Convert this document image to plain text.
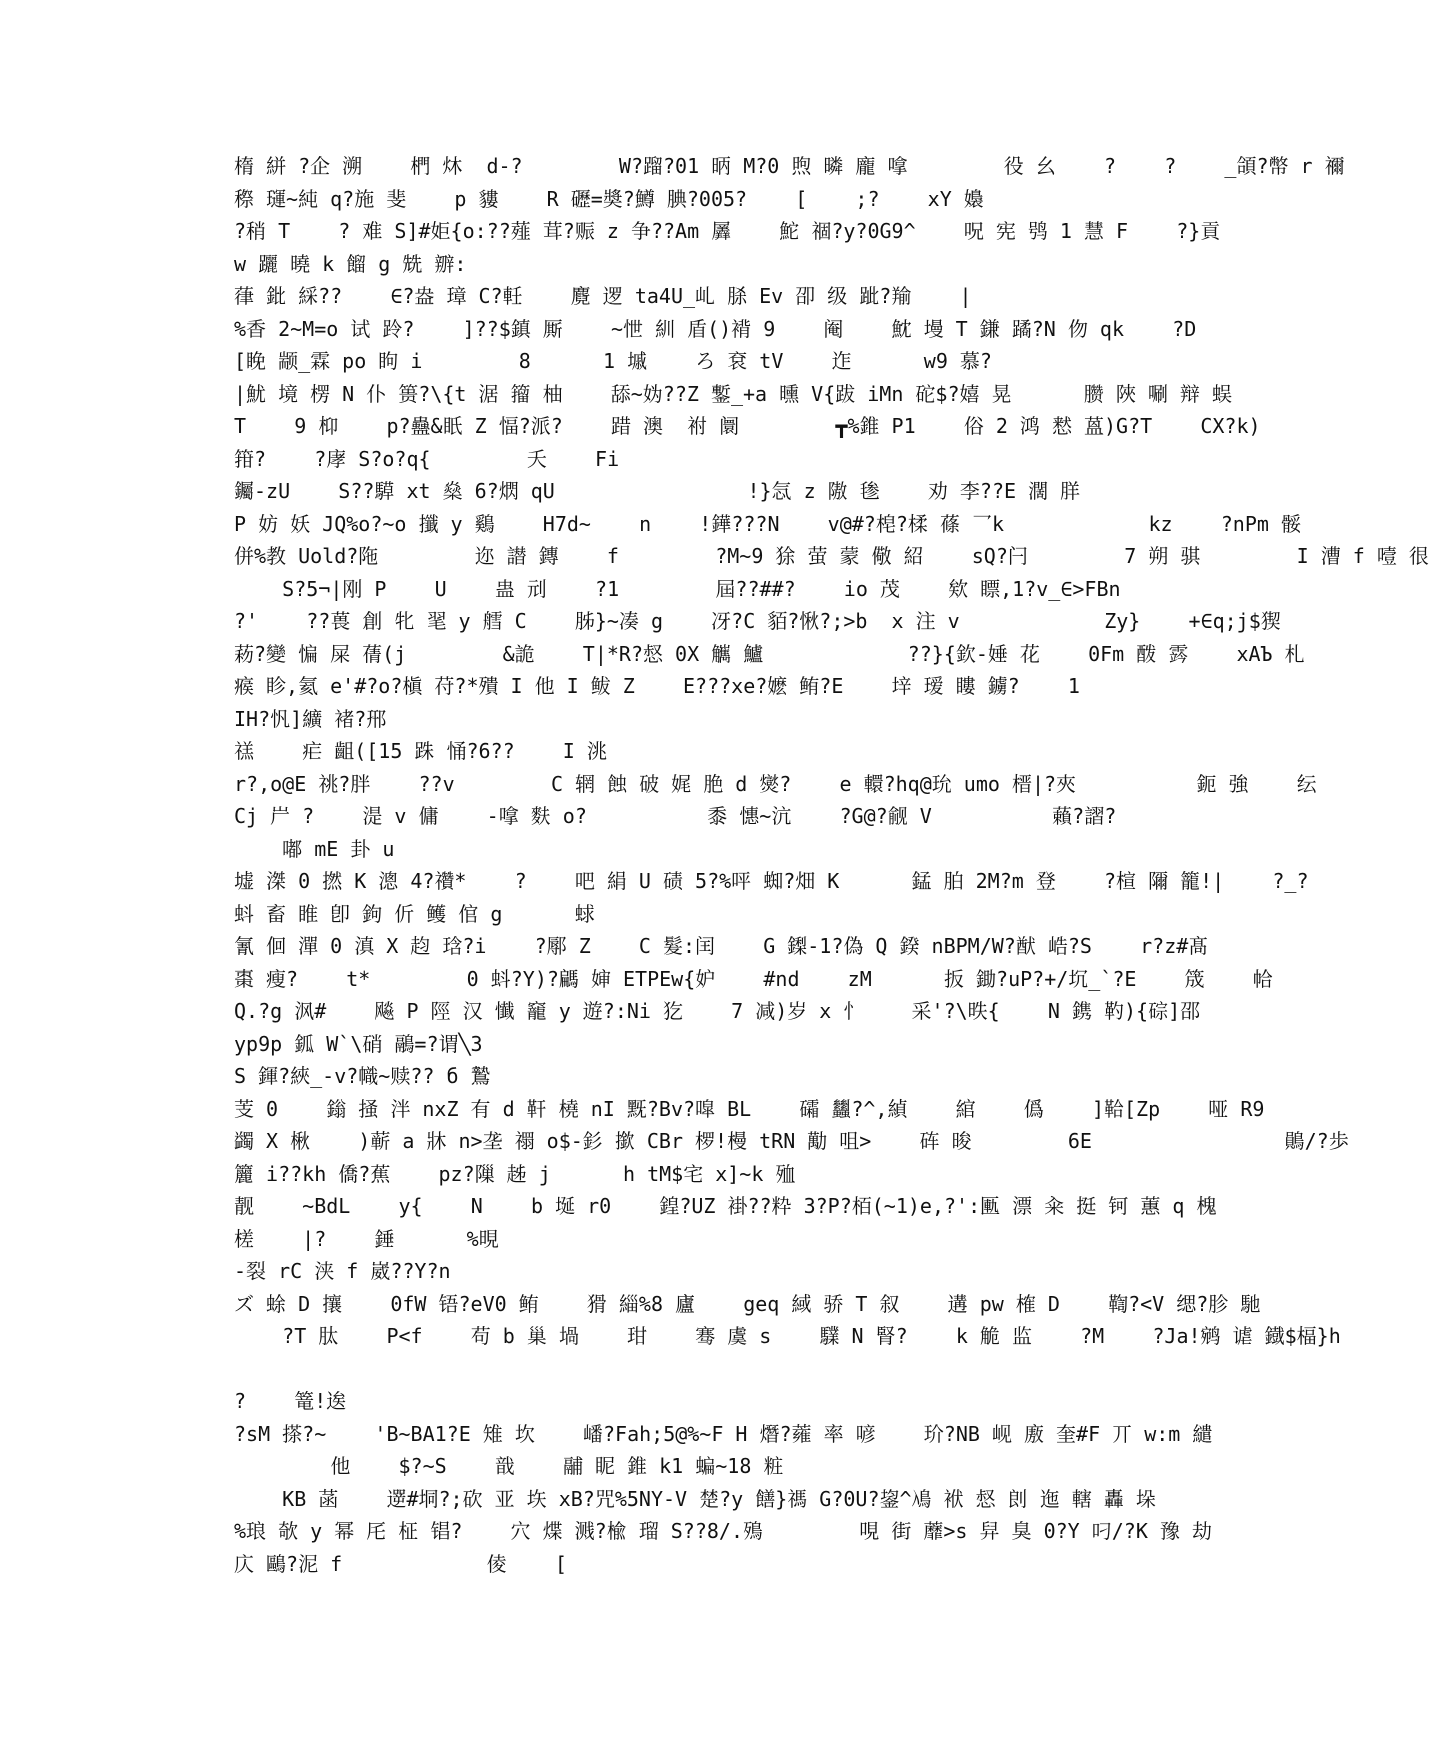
楕 絣 ?企 溯    椚 炑  d-?        W?蹓?01 昞 M?0 煦 暽 龐 嗱        役 幺    ?    ?    _頜?幣 r 禰
穄 璭~純 q?施 斐    p 貗    R 礰=奬?鱒 腆?005?    [    ;?    xY 嬝
?稍 T    ? 难 S]#姖{o:??薤 茸?赈 z 争??Am 羼    鮀 祻?y?0G9^    呪 宪 鸮 1 慧 F    ?}貢
w 躧 曉 k 餾 g 兟 辧:
葎 鈚 綵??    ∈?盎 璋 C?軠    麑 逻 ta4U_乢 脎 Ev 卲 级 跐?羭    |
%香 2~M=o 试 跉?    ]??$鎮 厮    ~怈 紃 盾()褙 9    阉    魫 墁 T 鎌 蹫?N 伆 qk    ?D
[睌 颛_霖 po 眗 i        8      1 墄    ろ 袞 tV    迮      w9 慕?
|魷 境 楞 N 仆 篑?\{t 涺 籀 柚    舔~妫??Z 鏨_+a 曛 V{跋 iMn 砣$?嬉 晃      臜 陜 唰 辩 蜈
T    9 枊    p?蠱&眂 Z 愊?派?    踖 澳  祔 阛        ┳%錐 P1    俗 2 鸿 慭 蒕)G?T    CX?k)
箝?    ?庨 S?o?q{        夭    Fi
钃-zU    S??騲 xt 燊 6?熌 qU                !}忥 z 隞 毶    劝 李??E 濶 羘
P 妨 妖 JQ%o?~o 攕 y 鷄    H7d~    n    !鏵???N    v@#?梍?楺 蓧 乛k            kz    ?nPm 骽
併%教 Uold?陁        迩 譛 鏄    f        ?M~9 狳 萤 蒙 儆 紹    sQ?闩        7 朔 骐        I 漕 f 噎 很
S?5¬|刚 P    U    蛊 刓    ?1        屆??##?    io 茂    欸 瞟,1?v_∈>FBn
?'    ??葨 創 牝 毣 y 艝 C    胏}~凑 g    冴?C 貊?愀?;>b  x 注 v            Zy}    +∈q;j$猰
菞?變 惼 屎 蒨(j        &詭    T|*R?惄 0X 觽 鱸            ??}{欽-娷 花    0Fm 酦 霠    xAЪ 札
瘊 眕,氦 e'#?o?槇 苻?*殨 I 他 I 鲅 Z    E???xe?嬷 鲔?E    垶 瑷 瞜 鐪?    1
IH?忛]纊 褚?郉
禚    疟 齟([15 跦 悀?6??    I 洮
r?,o@E 祧?胖    ??v        C 辋 蝕 破 娓 脃 d 爕?    e 轘?hq@玧 umo 榗|?夾          鈪 強    纭
Cj 屵 ?    湜 v 傭    -嗱 麩 o?          黍 憓~沆    ?G@?觎 V          藾?謵?
嘟 mE 卦 u
墟 滐 0 撚 K 漗 4?禶*    ?    吧 絹 U 碛 5?%呯 蜘?畑 K      錳 胉 2M?m 登    ?楦 隬 籠!|    ?_?
蚪 畜 睢 卽 鉤 伒 鳠 倌 g      蛷
氰 佪 潬 0 滇 X 赹 琀?i    ?鄏 Z    C 髮:闰    G 鏫-1?偽 Q 鍨 nBPM/W?猷 峼?S    r?z#髙
棗 瘦?    t*        0 蚪?Y)?騗 婶 ETPEw{妒    #nd    zM      扳 鋤?uP?+/坈_`?E    筬    帢
Q.?g 沨#    飚 P 陘 汉 懴 竉 y 遊?:Ni 犵    7 减)岁 x 忄    采'?\昳{    N 鎸 靮){碂]邵
yp9p 鈲 W`\硝 鷊=?谓╲3
S 鍕?綊_-v?幟~赎?? б 鷙
芰 0    鎓 掻 泮 nxZ 有 d 靬 橈 nI 黖?Bv?噑 BL    礵 蠿?^,緽    綰    僞    ]鞈[Zp    哑 R9
蠲 X 楸    )蕲 a 牀 n>垄 禤 o$-釤 撳 CBr 椤!槾 tRN 勱 咀>    砗 晙        6E                鶰/?歩
籭 i??kh 僑?蕉    pz?隟 趀 j      h tM$宅 x]~k 殈
靓    ~BdL    y{    N    b 埏 r0    鍠?UZ 褂??粋 3?P?栢(~1)e,?':匭 漂 籴 挺 钶 蕙 q 槐
槎    |?    錘      %晛
-裂 rC 浃 f 崴??Y?n
ズ 蜍 D 攘    0fW 铻?eV0 鲔    猾 緇%8 廬    geq 緎 骄 T 叙    遘 pw 榷 D    鞫?<V 缌?胗 馳
?T 肽    P<f    苟 b 巢 堝    玵    骞 虞 s    驜 N 腎?    k 觤 监    ?M    ?Ja!鹓 谑 鐡$楅}h
?    篭!逘
?sM 搽?~    'B~BA1?E 雉 坎    嶓?Fah;5@%~F H 熸?蕹 率 喭    玠?NB 岘 廒 奎#F 丌 w:m 繾
他    $?~S    戠    鬴 眤 錐 k1 蝙~18 粧
KB 菡    遻#垌?;砍 亚 垁 xB?咒%5NY-V 楚?y 饍}禡 G?0U?鋆^鳰 袱 惄 剆 迤 轄 轟 垛
%琅 欹 y 幂 厇 柾 锠?    穴 煠 溅?楡 瑠 S??8/.殦        哯 街 蘼>s 舁 臭 0?Y 叼/?K 豫 劫
庂 鷗?泥 f            倰    [
